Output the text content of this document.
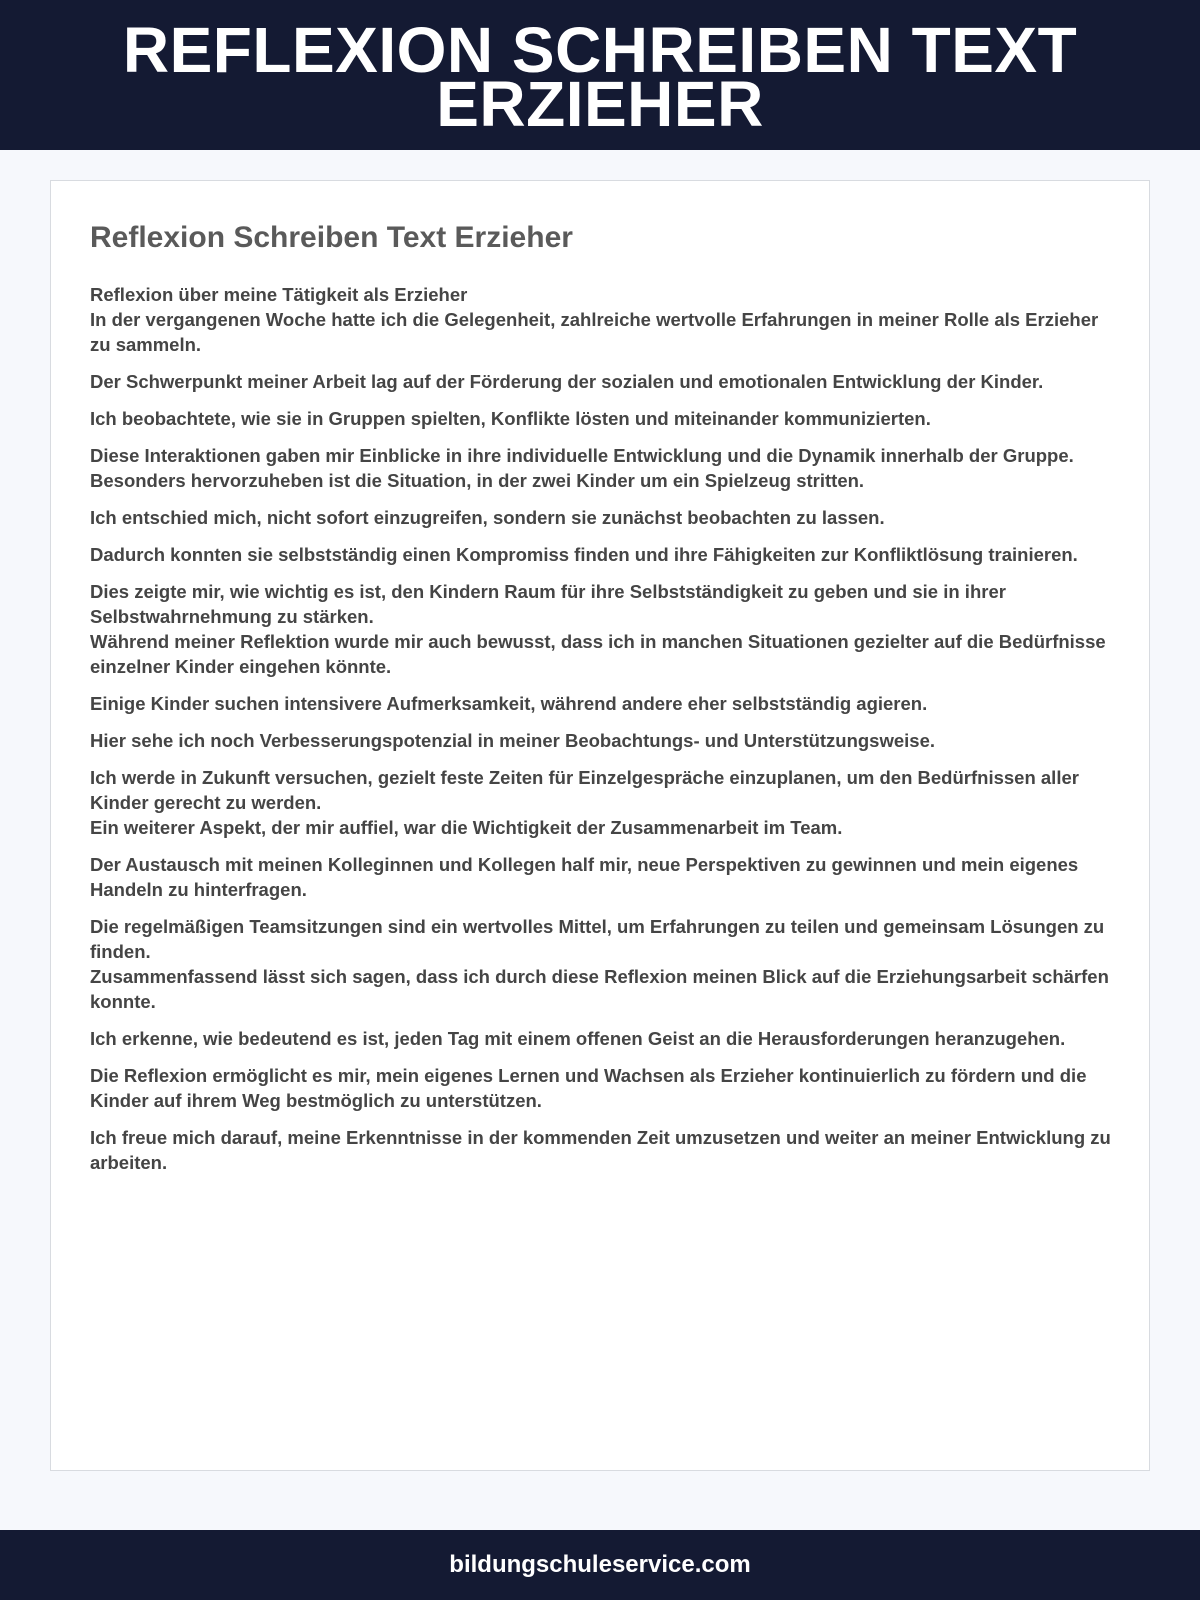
REFLEXION SCHREIBEN TEXT ERZIEHER
Reflexion Schreiben Text Erzieher

Reflexion über meine Tätigkeit als Erzieher
In der vergangenen Woche hatte ich die Gelegenheit, zahlreiche wertvolle Erfahrungen in meiner Rolle als Erzieher zu sammeln.

Der Schwerpunkt meiner Arbeit lag auf der Förderung der sozialen und emotionalen Entwicklung der Kinder.

Ich beobachtete, wie sie in Gruppen spielten, Konflikte lösten und miteinander kommunizierten.

Diese Interaktionen gaben mir Einblicke in ihre individuelle Entwicklung und die Dynamik innerhalb der Gruppe.
Besonders hervorzuheben ist die Situation, in der zwei Kinder um ein Spielzeug stritten.

Ich entschied mich, nicht sofort einzugreifen, sondern sie zunächst beobachten zu lassen.

Dadurch konnten sie selbstständig einen Kompromiss finden und ihre Fähigkeiten zur Konfliktlösung trainieren.

Dies zeigte mir, wie wichtig es ist, den Kindern Raum für ihre Selbstständigkeit zu geben und sie in ihrer Selbstwahrnehmung zu stärken.
Während meiner Reflektion wurde mir auch bewusst, dass ich in manchen Situationen gezielter auf die Bedürfnisse einzelner Kinder eingehen könnte.

Einige Kinder suchen intensivere Aufmerksamkeit, während andere eher selbstständig agieren.

Hier sehe ich noch Verbesserungspotenzial in meiner Beobachtungs- und Unterstützungsweise.

Ich werde in Zukunft versuchen, gezielt feste Zeiten für Einzelgespräche einzuplanen, um den Bedürfnissen aller Kinder gerecht zu werden.
Ein weiterer Aspekt, der mir auffiel, war die Wichtigkeit der Zusammenarbeit im Team.

Der Austausch mit meinen Kolleginnen und Kollegen half mir, neue Perspektiven zu gewinnen und mein eigenes Handeln zu hinterfragen.

Die regelmäßigen Teamsitzungen sind ein wertvolles Mittel, um Erfahrungen zu teilen und gemeinsam Lösungen zu finden.
Zusammenfassend lässt sich sagen, dass ich durch diese Reflexion meinen Blick auf die Erziehungsarbeit schärfen konnte.

Ich erkenne, wie bedeutend es ist, jeden Tag mit einem offenen Geist an die Herausforderungen heranzugehen.

Die Reflexion ermöglicht es mir, mein eigenes Lernen und Wachsen als Erzieher kontinuierlich zu fördern und die Kinder auf ihrem Weg bestmöglich zu unterstützen.

Ich freue mich darauf, meine Erkenntnisse in der kommenden Zeit umzusetzen und weiter an meiner Entwicklung zu arbeiten.

bildungschuleservice.com
